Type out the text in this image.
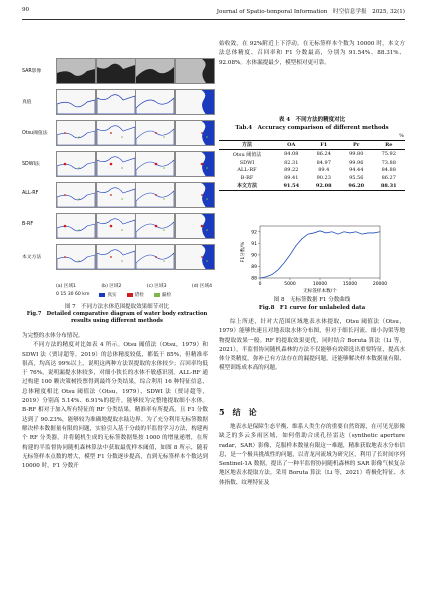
90	Journal of Spatio-temporal Information　时空信息学报　2025, 32(1)
SAR影像
真值
Otsu阈值法
SDWI法
ALL-RF
B-RF
本文方法
(a) 区域1	(b) 区域2	(c) 区域3	(d) 区域4
0 15 30 60 km	真实	错检	漏检
图 7　不同方法水体范围提取效果细节对比
Fig.7　Detailed comparative diagram of water body extraction results using different methods

为完整的水体分布情况。

不同方法的精度对比如表 4 所示。Otsu 阈值法（Otsu，1979）和 SDWI 法（贾诗超等，2019）的总体精度较低，都低于 85%，但精准率很高，均高达 99%以上，说明这两种方法误提取的水体较少；召回率均低于 76%，说明漏提水体较多，对细小狭长的水体不敏感识别。ALL-RF 通过构建 100 颗决策树投票得到最终分类结果，综合利用 16 种特征信息，总体精度相比 Otsu 阈值法（Otsu，1979）、SDWI 法（贾诗超等，2019）分别高 5.14%、6.91%的提升，能够较为完整地提取细小水体。B-RF 相对于加入所有特征的 RF 分类结果，精准率有所提高，且 F1 分数达到了 90.23%，能够较为准确地提取水陆边界。为了充分利用无标签数据解决样本数据量有限的问题，实验引入基于分歧的半监督学习方法，构建两个 RF 分类器，并将随机生成的无标签数据集按 1000 的增量递增，在所构建的半监督协同随机森林算法中获取最优样本阈值，如图 8 所示，随着无标签样本点数的增大，模型 F1 分数逐步提高，直到无标签样本个数达到 10000 时，F1 分数开

始收敛，在 92%附近上下浮动。在无标签样本个数为 10000 时，本文方法总体精度、召回率和 F1 分数最高，分别为 91.54%、88.31%、92.08%。水体漏提最少，模型相对更可靠。

表 4　不同方法的精度对比
Tab.4　Accuracy comparison of different methods
%				
方法	OA	F1	Pr	Re
Otsu 阈值法	84.08	86.24	99.80	75.92
SDWI	82.31	84.97	99.96	73.88
ALL-RF	89.22	89.4	94.44	84.88
B-RF	89.41	90.23	95.56	86.27
本文方法	91.54	92.08	96.20	88.31
92
91
90
89
88
0	5000	10000	15000	20000
F1分数/%
无标签样本数/个
图 8　无标签数据 F1 分数曲线
Fig.8　F1 curve for unlabeled data

综上所述，针对大范围区域地表水体提取，Otsu 阈值法（Otsu，1979）能够快速且对地表取水体分布图，但对于细长河流、细小沟渠等地物提取效果一般。RF 的提取效果更优，同时结合 Boruta 算法（Li 等，2021），半监督协同随机森林的方法不仅能够有效筛选出重要特征，提高水体分类精度，弥补已有方法存在的漏提问题，还能够解决样本数据量有限、模型训练成本高的问题。

5　结　论

地表水是保障生态平衡、维系人类生存的重要自然资源，在可见光影像缺乏的多云多雨区域，如何借助合成孔径雷达（synthetic aperture radar，SAR）影像，克服样本数量有限这一难题，精准获取地表水分布信息，是一个极具挑战性的问题，以青龙河流域为研究区，利用了长时间序列 Sentinel-1A 数据，提出了一种半监督协同随机森林的 SAR 影像气候复杂地区地表水提取方法。采用 Boruta 算法（Li 等，2021）将极化特征、水体指数、纹理特征及
